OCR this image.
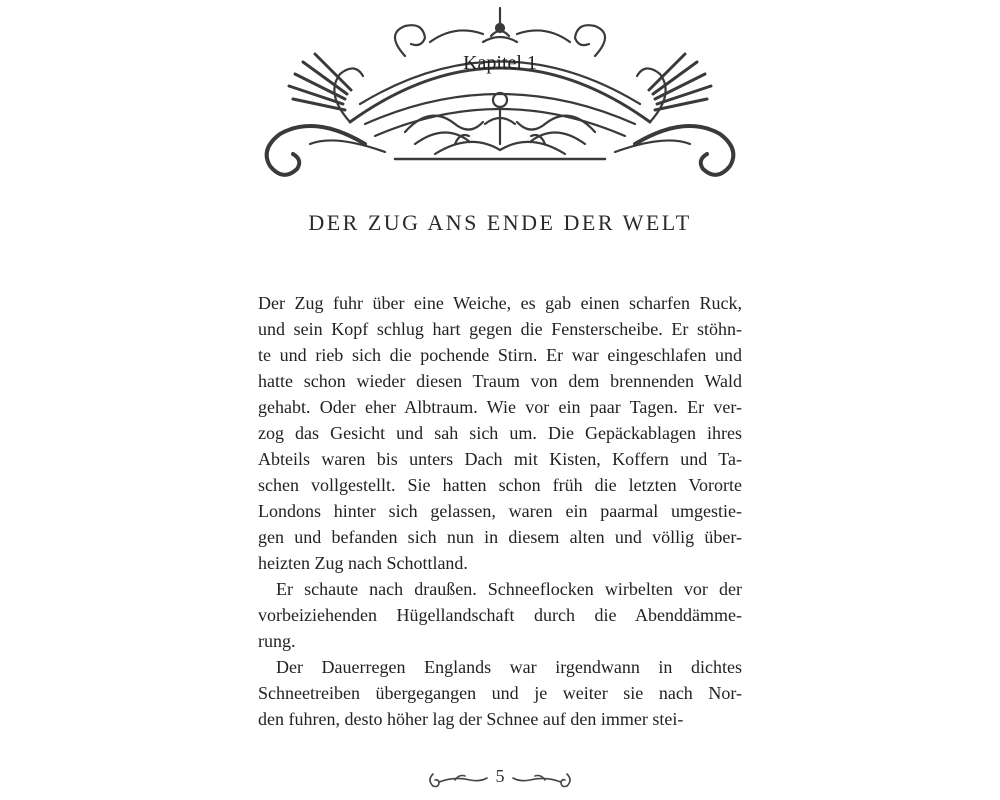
Kapitel 1
DER ZUG ANS ENDE DER WELT
Der Zug fuhr über eine Weiche, es gab einen scharfen Ruck,
und sein Kopf schlug hart gegen die Fensterscheibe. Er stöhn-
te und rieb sich die pochende Stirn. Er war eingeschlafen und
hatte schon wieder diesen Traum von dem brennenden Wald
gehabt. Oder eher Albtraum. Wie vor ein paar Tagen. Er ver-
zog das Gesicht und sah sich um. Die Gepäckablagen ihres
Abteils waren bis unters Dach mit Kisten, Koffern und Ta-
schen vollgestellt. Sie hatten schon früh die letzten Vororte
Londons hinter sich gelassen, waren ein paarmal umgestie-
gen und befanden sich nun in diesem alten und völlig über-
heizten Zug nach Schottland.
Er schaute nach draußen. Schneeflocken wirbelten vor der
vorbeiziehenden Hügellandschaft durch die Abenddämme-
rung.
Der Dauerregen Englands war irgendwann in dichtes
Schneetreiben übergegangen und je weiter sie nach Nor-
den fuhren, desto höher lag der Schnee auf den immer stei-
5
